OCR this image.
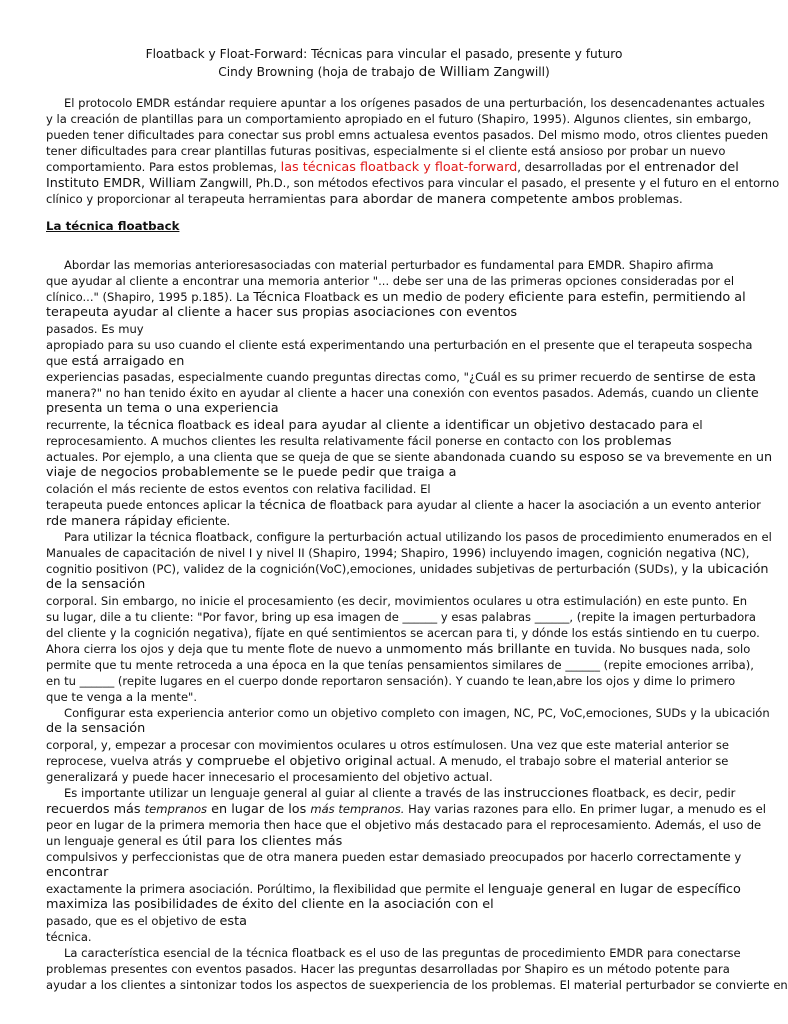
Floatback y Float-Forward: Técnicas para vincular el pasado, presente y futuro
Cindy Browning (hoja de trabajo de William Zangwill)
El protocolo EMDR estándar requiere apuntar a los orígenes pasados de una perturbación, los desencadenantes actuales
y la creación de plantillas para un comportamiento apropiado en el futuro (Shapiro, 1995). Algunos clientes, sin embargo,
pueden tener dificultades para conectar sus probl emns actualesa eventos pasados. Del mismo modo, otros clientes pueden
tener dificultades para crear plantillas futuras positivas, especialmente si el cliente está ansioso por probar un nuevo
comportamiento. Para estos problemas, las técnicas floatback y float-forward, desarrolladas por el entrenador del
Instituto EMDR, William Zangwill, Ph.D., son métodos efectivos para vincular el pasado, el presente y el futuro en el entorno
clínico y proporcionar al terapeuta herramientas para abordar de manera competente ambos problemas.
La técnica floatback
Abordar las memorias anterioresasociadas con material perturbador es fundamental para EMDR. Shapiro afirma
que ayudar al cliente a encontrar una memoria anterior "... debe ser una de las primeras opciones consideradas por el
clínico..." (Shapiro, 1995 p.185). La Técnica Floatback es un medio de podery eficiente para estefin, permitiendo al
terapeuta ayudar al cliente a hacer sus propias asociaciones con eventos
pasados. Es muy
apropiado para su uso cuando el cliente está experimentando una perturbación en el presente que el terapeuta sospecha
que está arraigado en
experiencias pasadas, especialmente cuando preguntas directas como, "¿Cuál es su primer recuerdo de sentirse de esta
manera?" no han tenido éxito en ayudar al cliente a hacer una conexión con eventos pasados. Además, cuando un cliente
presenta un tema o una experiencia
recurrente, la técnica floatback es ideal para ayudar al cliente a identificar un objetivo destacado para el
reprocesamiento. A muchos clientes les resulta relativamente fácil ponerse en contacto con los problemas
actuales. Por ejemplo, a una clienta que se queja de que se siente abandonada cuando su esposo se va brevemente en un
viaje de negocios probablemente se le puede pedir que traiga a
colación el más reciente de estos eventos con relativa facilidad. El
terapeuta puede entonces aplicar la técnica de floatback para ayudar al cliente a hacer la asociación a un evento anterior
rde manera rápiday eficiente.
Para utilizar la técnica floatback, configure la perturbación actual utilizando los pasos de procedimiento enumerados en el
Manuales de capacitación de nivel I y nivel II (Shapiro, 1994; Shapiro, 1996) incluyendo imagen, cognición negativa (NC),
cognitio positivon (PC), validez de la cognición(VoC),emociones, unidades subjetivas de perturbación (SUDs), y la ubicación
de la sensación
corporal. Sin embargo, no inicie el procesamiento (es decir, movimientos oculares u otra estimulación) en este punto. En
su lugar, dile a tu cliente: "Por favor, bring up esa imagen de ______ y esas palabras ______, (repite la imagen perturbadora
del cliente y la cognición negativa), fíjate en qué sentimientos se acercan para ti, y dónde los estás sintiendo en tu cuerpo.
Ahora cierra los ojos y deja que tu mente flote de nuevo a unmomento más brillante en tuvida. No busques nada, solo
permite que tu mente retroceda a una época en la que tenías pensamientos similares de ______ (repite emociones arriba),
en tu ______ (repite lugares en el cuerpo donde reportaron sensación). Y cuando te lean,abre los ojos y dime lo primero
que te venga a la mente".
Configurar esta experiencia anterior como un objetivo completo con imagen, NC, PC, VoC,emociones, SUDs y la ubicación
de la sensación
corporal, y, empezar a procesar con movimientos oculares u otros estímulosen. Una vez que este material anterior se
reprocese, vuelva atrás y compruebe el objetivo original actual. A menudo, el trabajo sobre el material anterior se
generalizará y puede hacer innecesario el procesamiento del objetivo actual.
Es importante utilizar un lenguaje general al guiar al cliente a través de las instrucciones floatback, es decir, pedir
recuerdos más tempranos en lugar de los más tempranos. Hay varias razones para ello. En primer lugar, a menudo es el
peor en lugar de la primera memoria then hace que el objetivo más destacado para el reprocesamiento. Además, el uso de
un lenguaje general es útil para los clientes más
compulsivos y perfeccionistas que de otra manera pueden estar demasiado preocupados por hacerlo correctamente y
encontrar
exactamente la primera asociación. Porúltimo, la flexibilidad que permite el lenguaje general en lugar de específico
maximiza las posibilidades de éxito del cliente en la asociación con el
pasado, que es el objetivo de esta
técnica.
La característica esencial de la técnica floatback es el uso de las preguntas de procedimiento EMDR para conectarse
problemas presentes con eventos pasados. Hacer las preguntas desarrolladas por Shapiro es un método potente para
ayudar a los clientes a sintonizar todos los aspectos de suexperiencia de los problemas. El material perturbador se convierte en
